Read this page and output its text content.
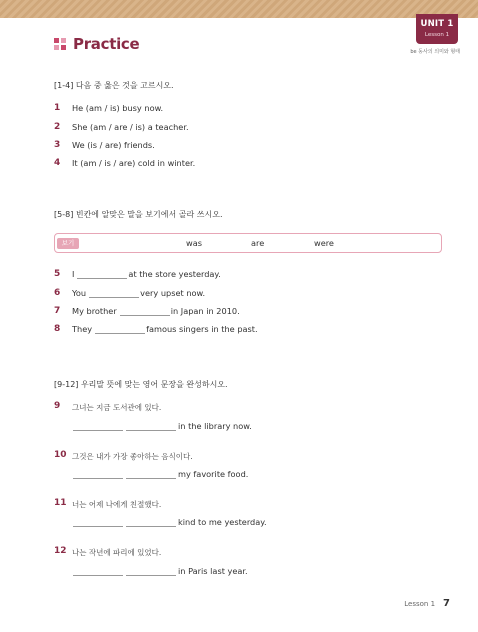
UNIT 1
Lesson 1
be 동사의 의미와 형태
Practice
[1-4] 다음 중 옳은 것을 고르시오.
1	He (am / is) busy now.
2	She (am / are / is) a teacher.
3	We (is / are) friends.
4	It (am / is / are) cold in winter.
[5-8] 빈칸에 알맞은 말을 보기에서 골라 쓰시오.
보기	was	are	were
5	I	at the store yesterday.
6	You	very upset now.
7	My brother	in Japan in 2010.
8	They	famous singers in the past.
[9-12] 우리말 뜻에 맞는 영어 문장을 완성하시오.
9	그녀는 지금 도서관에 있다.
in the library now.
10 그것은 내가 가장 좋아하는 음식이다.
my favorite food.
11 너는 어제 나에게 친절했다.
kind to me yesterday.
12 나는 작년에 파리에 있었다.
in Paris last year.
Lesson 1 7
